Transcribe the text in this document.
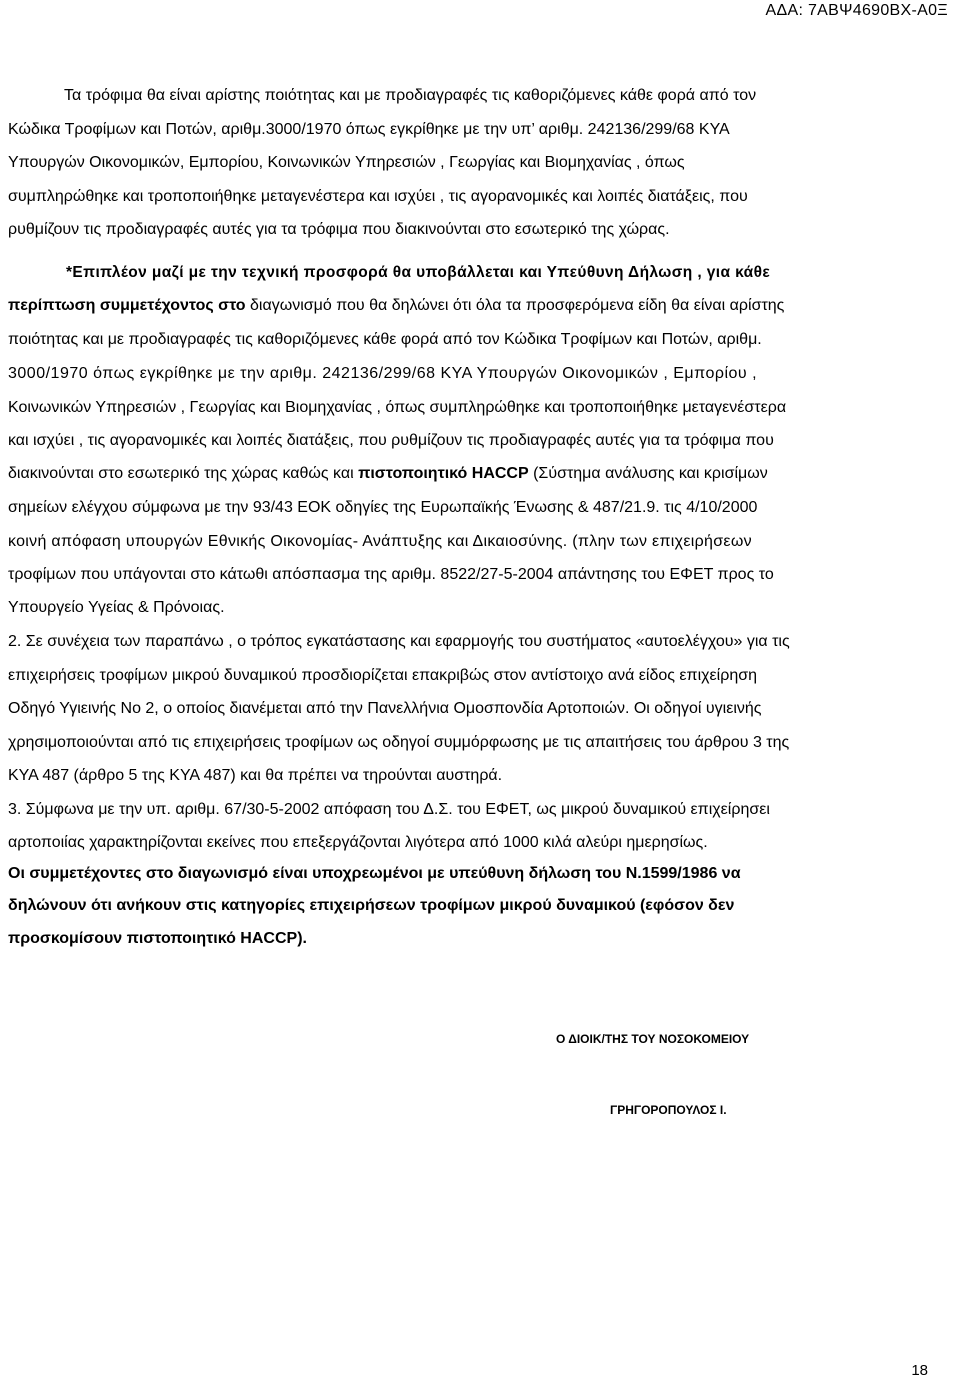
ΑΔΑ: 7ΑΒΨ4690ΒΧ-Α0Ξ
Τα τρόφιμα θα είναι αρίστης ποιότητας και με προδιαγραφές τις καθοριζόμενες κάθε φορά από τον
Κώδικα Τροφίμων και Ποτών, αριθμ.3000/1970 όπως εγκρίθηκε με την υπ’ αριθμ. 242136/299/68 ΚΥΑ
Υπουργών Οικονομικών, Εμπορίου, Κοινωνικών Υπηρεσιών , Γεωργίας και Βιομηχανίας , όπως
συμπληρώθηκε και τροποποιήθηκε μεταγενέστερα και ισχύει , τις αγορανομικές και λοιπές διατάξεις, που
ρυθμίζουν τις προδιαγραφές αυτές για τα τρόφιμα που διακινούνται στο εσωτερικό της χώρας.
*Επιπλέον μαζί με την τεχνική προσφορά θα υποβάλλεται και Υπεύθυνη Δήλωση , για κάθε
περίπτωση συμμετέχοντος στο διαγωνισμό που θα δηλώνει ότι όλα τα προσφερόμενα είδη θα είναι αρίστης
ποιότητας και με προδιαγραφές τις καθοριζόμενες κάθε φορά από τον Κώδικα Τροφίμων και Ποτών, αριθμ.
3000/1970 όπως εγκρίθηκε με την αριθμ. 242136/299/68 ΚΥΑ Υπουργών Οικονομικών , Εμπορίου ,
Κοινωνικών Υπηρεσιών , Γεωργίας και Βιομηχανίας , όπως συμπληρώθηκε και τροποποιήθηκε μεταγενέστερα
και ισχύει , τις αγορανομικές και λοιπές διατάξεις, που ρυθμίζουν τις προδιαγραφές αυτές για τα τρόφιμα που
διακινούνται στο εσωτερικό της χώρας καθώς και πιστοποιητικό HACCP (Σύστημα ανάλυσης και κρισίμων
σημείων ελέγχου σύμφωνα με την 93/43 ΕΟΚ οδηγίες της Ευρωπαϊκής Ένωσης & 487/21.9. τις 4/10/2000
κοινή απόφαση υπουργών Εθνικής Οικονομίας- Ανάπτυξης και Δικαιοσύνης. (πλην των επιχειρήσεων
τροφίμων που υπάγονται στο κάτωθι απόσπασμα της αριθμ. 8522/27-5-2004 απάντησης του ΕΦΕΤ προς το
Υπουργείο Υγείας & Πρόνοιας.
2. Σε συνέχεια των παραπάνω , ο τρόπος εγκατάστασης και εφαρμογής του συστήματος «αυτοελέγχου» για τις
επιχειρήσεις τροφίμων μικρού δυναμικού προσδιορίζεται επακριβώς στον αντίστοιχο ανά είδος επιχείρηση
Οδηγό Υγιεινής Νο 2, ο οποίος διανέμεται από την Πανελλήνια Ομοσπονδία Αρτοποιών. Οι οδηγοί υγιεινής
χρησιμοποιούνται από τις επιχειρήσεις τροφίμων ως οδηγοί συμμόρφωσης με τις απαιτήσεις του άρθρου 3 της
ΚΥΑ 487 (άρθρο 5 της ΚΥΑ 487) και θα πρέπει να τηρούνται αυστηρά.
3. Σύμφωνα με την υπ. αριθμ. 67/30-5-2002 απόφαση του Δ.Σ. του ΕΦΕΤ, ως μικρού δυναμικού επιχείρησει
αρτοποιίας χαρακτηρίζονται εκείνες που επεξεργάζονται λιγότερα από 1000 κιλά αλεύρι ημερησίως.
Οι συμμετέχοντες στο διαγωνισμό είναι υποχρεωμένοι με υπεύθυνη δήλωση του Ν.1599/1986 να
δηλώνουν ότι ανήκουν στις κατηγορίες επιχειρήσεων τροφίμων μικρού δυναμικού (εφόσον δεν
προσκομίσουν πιστοποιητικό HACCP).
Ο ΔΙΟΙΚ/ΤΗΣ ΤΟΥ ΝΟΣΟΚΟΜΕΙΟΥ
ΓΡΗΓΟΡΟΠΟΥΛΟΣ Ι.
18
